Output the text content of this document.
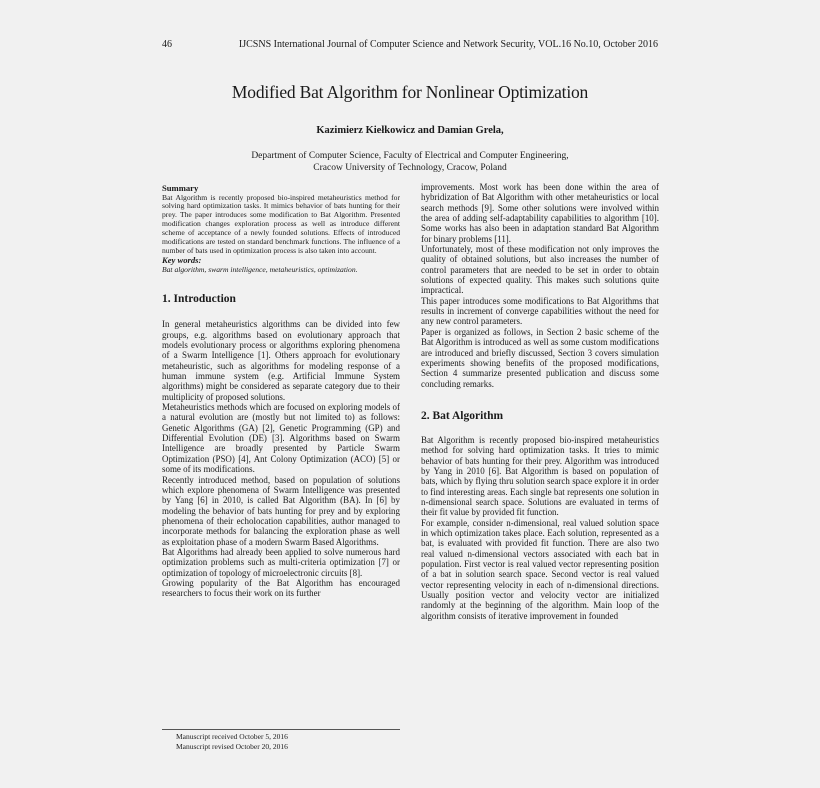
46	IJCSNS International Journal of Computer Science and Network Security, VOL.16 No.10, October 2016
Modified Bat Algorithm for Nonlinear Optimization
Kazimierz Kiełkowicz and Damian Grela,
Department of Computer Science, Faculty of Electrical and Computer Engineering,
Cracow University of Technology, Cracow, Poland
Summary

Bat Algorithm is recently proposed bio-inspired metaheuristics method for solving hard optimization tasks. It mimics behavior of bats hunting for their prey. The paper introduces some modification to Bat Algorithm. Presented modification changes exploration process as well as introduce different scheme of acceptance of a newly founded solutions. Effects of introduced modifications are tested on standard benchmark functions. The influence of a number of bats used in optimization process is also taken into account.

Key words:

Bat algorithm, swarm intelligence, metaheuristics, optimization.

1. Introduction

In general metaheuristics algorithms can be divided into few groups, e.g. algorithms based on evolutionary approach that models evolutionary process or algorithms exploring phenomena of a Swarm Intelligence [1]. Others approach for evolutionary metaheuristic, such as algorithms for modeling response of a human immune system (e.g. Artificial Immune System algorithms) might be considered as separate category due to their multiplicity of proposed solutions.

Metaheuristics methods which are focused on exploring models of a natural evolution are (mostly but not limited to) as follows: Genetic Algorithms (GA) [2], Genetic Programming (GP) and Differential Evolution (DE) [3]. Algorithms based on Swarm Intelligence are broadly presented by Particle Swarm Optimization (PSO) [4], Ant Colony Optimization (ACO) [5] or some of its modifications.

Recently introduced method, based on population of solutions which explore phenomena of Swarm Intelligence was presented by Yang [6] in 2010, is called Bat Algorithm (BA). In [6] by modeling the behavior of bats hunting for prey and by exploring phenomena of their echolocation capabilities, author managed to incorporate methods for balancing the exploration phase as well as exploitation phase of a modern Swarm Based Algorithms.

Bat Algorithms had already been applied to solve numerous hard optimization problems such as multi-criteria optimization [7] or optimization of topology of microelectronic circuits [8].

Growing popularity of the Bat Algorithm has encouraged researchers to focus their work on its further

improvements. Most work has been done within the area of hybridization of Bat Algorithm with other metaheuristics or local search methods [9]. Some other solutions were involved within the area of adding self-adaptability capabilities to algorithm [10]. Some works has also been in adaptation standard Bat Algorithm for binary problems [11].

Unfortunately, most of these modification not only improves the quality of obtained solutions, but also increases the number of control parameters that are needed to be set in order to obtain solutions of expected quality. This makes such solutions quite impractical.

This paper introduces some modifications to Bat Algorithms that results in increment of converge capabilities without the need for any new control parameters.

Paper is organized as follows, in Section 2 basic scheme of the Bat Algorithm is introduced as well as some custom modifications are introduced and briefly discussed, Section 3 covers simulation experiments showing benefits of the proposed modifications, Section 4 summarize presented publication and discuss some concluding remarks.

2. Bat Algorithm

Bat Algorithm is recently proposed bio-inspired metaheuristics method for solving hard optimization tasks. It tries to mimic behavior of bats hunting for their prey. Algorithm was introduced by Yang in 2010 [6]. Bat Algorithm is based on population of bats, which by flying thru solution search space explore it in order to find interesting areas. Each single bat represents one solution in n-dimensional search space. Solutions are evaluated in terms of their fit value by provided fit function.

For example, consider n-dimensional, real valued solution space in which optimization takes place. Each solution, represented as a bat, is evaluated with provided fit function. There are also two real valued n-dimensional vectors associated with each bat in population. First vector is real valued vector representing position of a bat in solution search space. Second vector is real valued vector representing velocity in each of n-dimensional directions. Usually position vector and velocity vector are initialized randomly at the beginning of the algorithm. Main loop of the algorithm consists of iterative improvement in founded

Manuscript received October 5, 2016
Manuscript revised October 20, 2016
